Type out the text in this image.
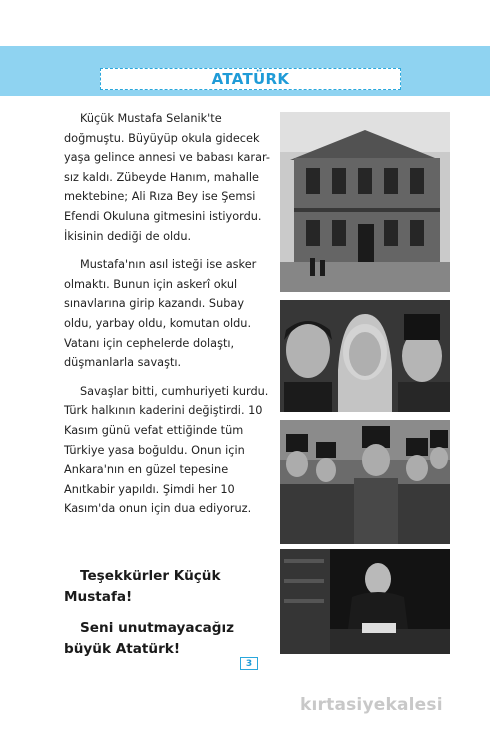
ATATÜRK

Küçük Mustafa Selanik'te doğmuştu. Büyüyüp okula gidecek yaşa gelince annesi ve babası karar-sız kaldı. Zübeyde Hanım, mahalle mektebine; Ali Rıza Bey ise Şemsi Efendi Okuluna gitmesini istiyordu. İkisinin dediği de oldu.

Mustafa'nın asıl isteği ise asker olmaktı. Bunun için askerî okul sınavlarına girip kazandı. Subay oldu, yarbay oldu, komutan oldu. Vatanı için cephelerde dolaştı, düşmanlarla savaştı.

Savaşlar bitti, cumhuriyeti kurdu. Türk halkının kaderini değiştirdi. 10 Kasım günü vefat ettiğinde tüm Türkiye yasa boğuldu. Onun için Ankara'nın en güzel tepesine Anıtkabir yapıldı. Şimdi her 10 Kasım'da onun için dua ediyoruz.

Teşekkürler Küçük Mustafa!

Seni unutmayacağız büyük Atatürk!

3
kırtasiyekalesi
